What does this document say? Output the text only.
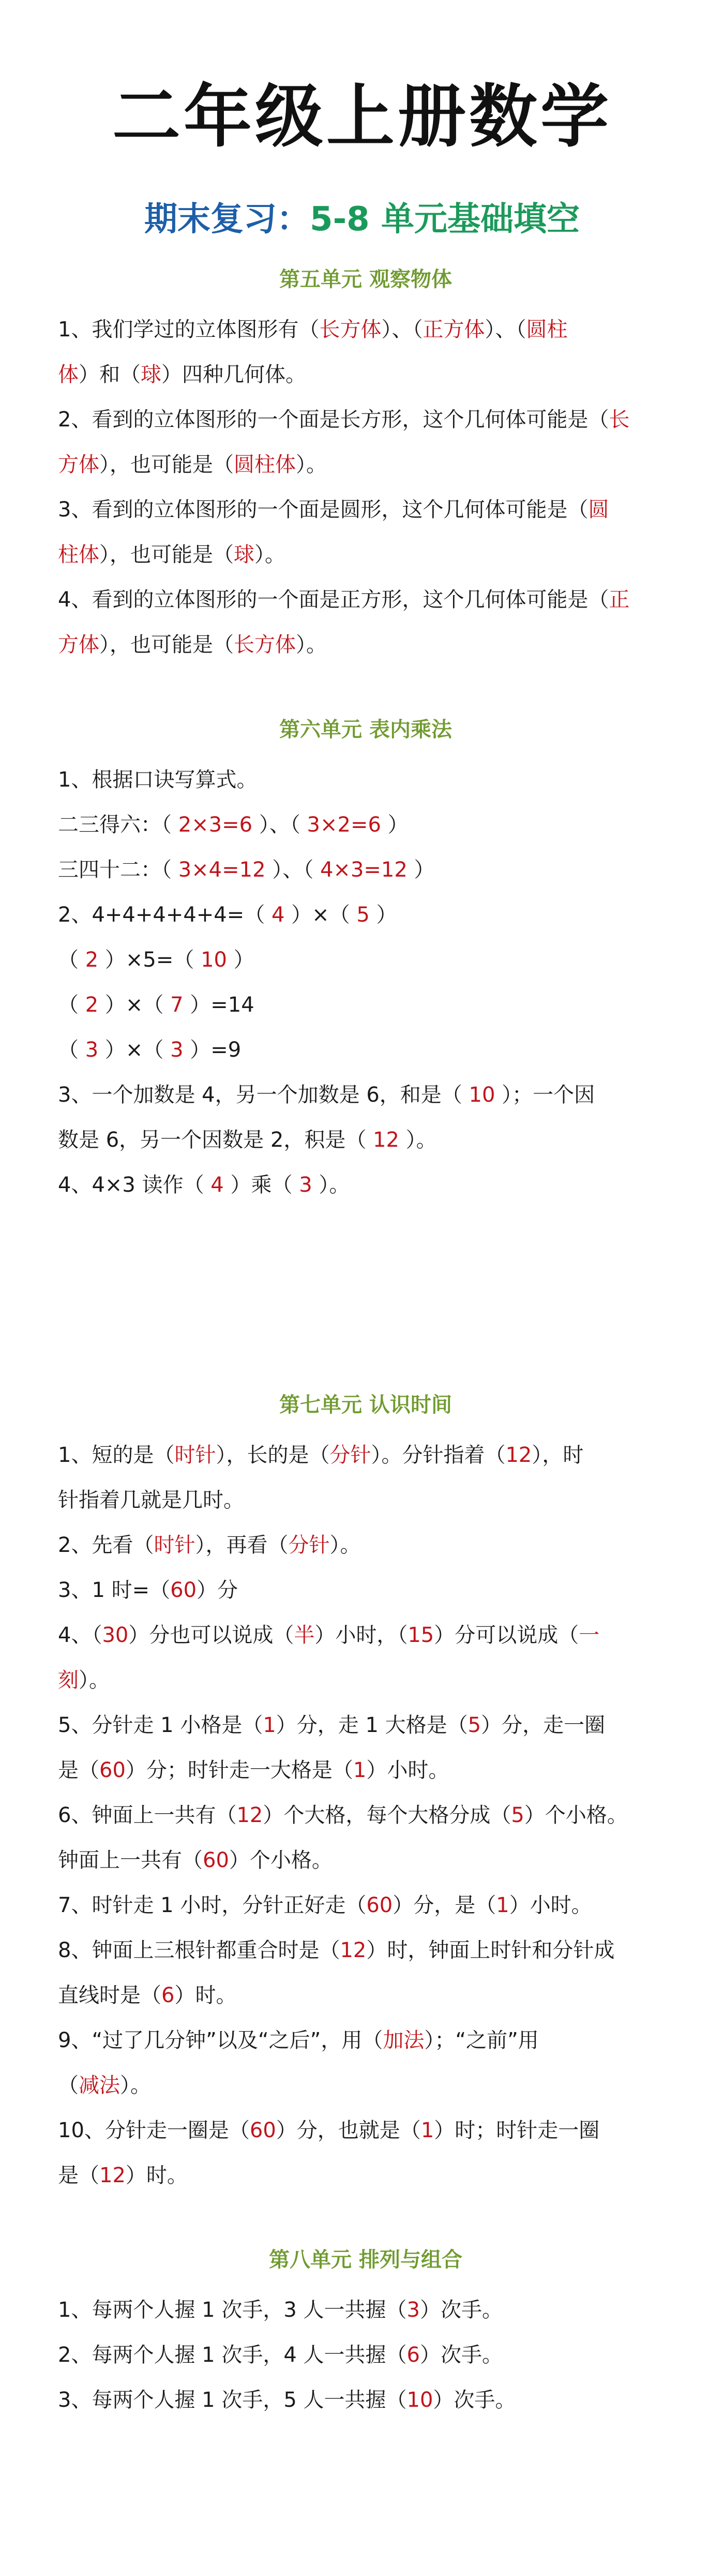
二年级上册数学
期末复习：5-8 单元基础填空
第五单元 观察物体
1、我们学过的立体图形有（长方体）、（正方体）、（圆柱
体）和（球）四种几何体。
2、看到的立体图形的一个面是长方形，这个几何体可能是（长
方体），也可能是（圆柱体）。
3、看到的立体图形的一个面是圆形，这个几何体可能是（圆
柱体），也可能是（球）。
4、看到的立体图形的一个面是正方形，这个几何体可能是（正
方体），也可能是（长方体）。
第六单元 表内乘法
1、根据口诀写算式。
二三得六：（ 2×3=6 ）、（ 3×2=6 ）
三四十二：（ 3×4=12 ）、（ 4×3=12 ）
2、4+4+4+4+4=（ 4 ）×（ 5 ）
（ 2 ）×5=（ 10 ）
（ 2 ）×（ 7 ）=14
（ 3 ）×（ 3 ）=9
3、一个加数是 4，另一个加数是 6，和是（ 10 ）；一个因
数是 6，另一个因数是 2，积是（ 12 ）。
4、4×3 读作（ 4 ）乘（ 3 ）。
第七单元 认识时间
1、短的是（时针），长的是（分针）。分针指着（12），时
针指着几就是几时。
2、先看（时针），再看（分针）。
3、1 时=（60）分
4、（30）分也可以说成（半）小时，（15）分可以说成（一
刻）。
5、分针走 1 小格是（1）分，走 1 大格是（5）分，走一圈
是（60）分；时针走一大格是（1）小时。
6、钟面上一共有（12）个大格，每个大格分成（5）个小格。
钟面上一共有（60）个小格。
7、时针走 1 小时，分针正好走（60）分，是（1）小时。
8、钟面上三根针都重合时是（12）时，钟面上时针和分针成
直线时是（6）时。
9、“过了几分钟”以及“之后”，用（加法）；“之前”用
（减法）。
10、分针走一圈是（60）分，也就是（1）时；时针走一圈
是（12）时。
第八单元 排列与组合
1、每两个人握 1 次手，3 人一共握（3）次手。
2、每两个人握 1 次手，4 人一共握（6）次手。
3、每两个人握 1 次手，5 人一共握（10）次手。
